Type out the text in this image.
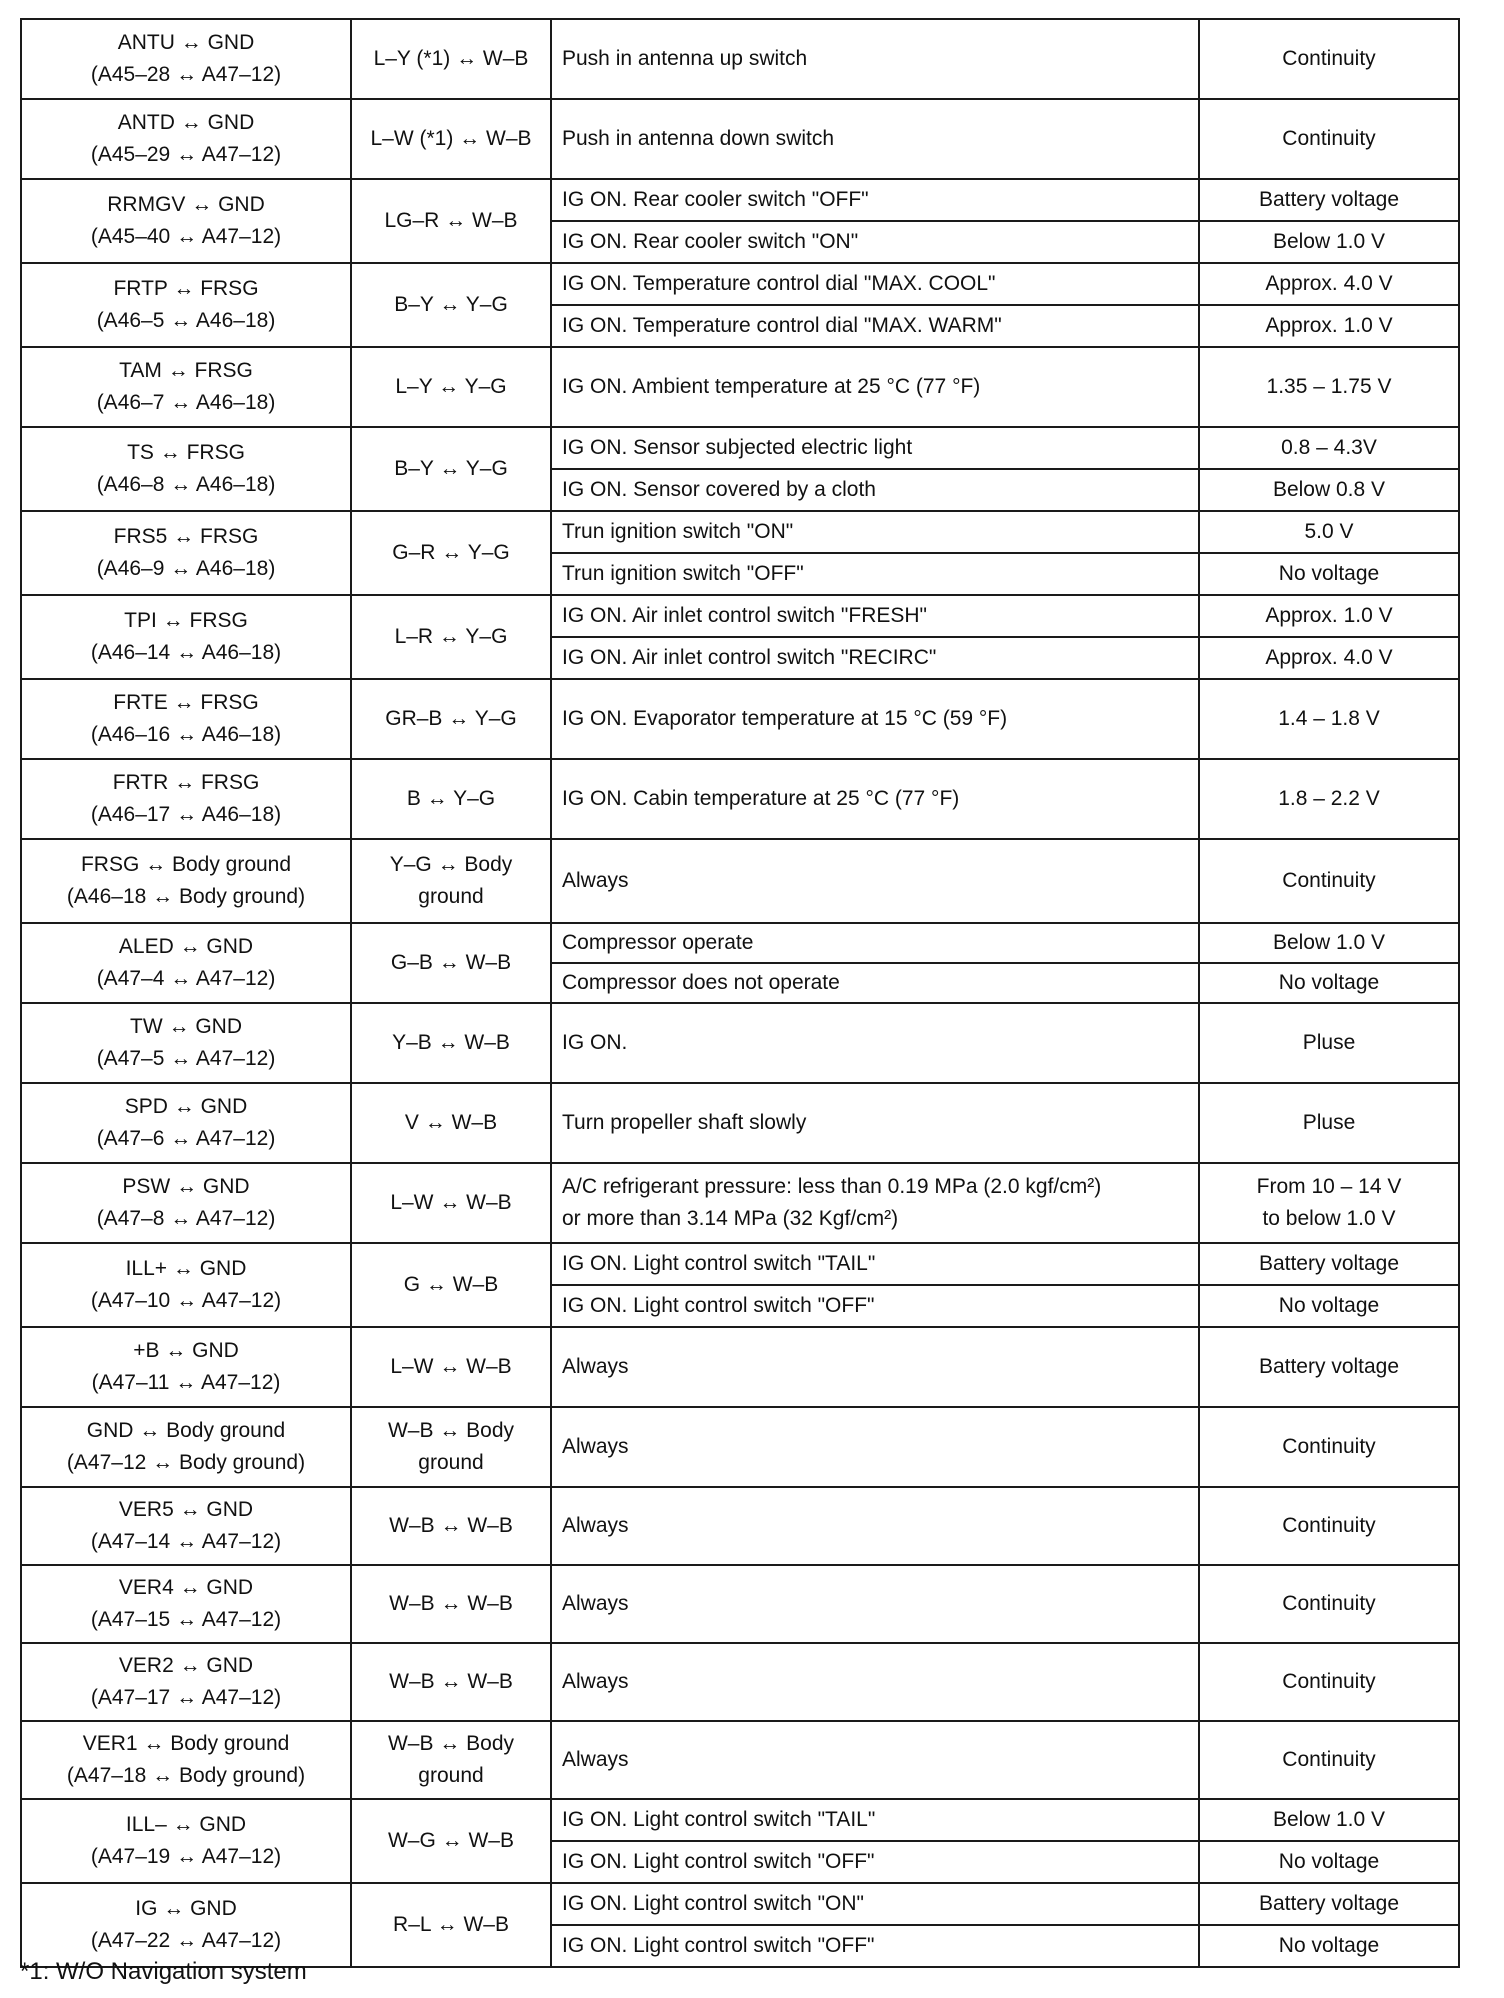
ANTU ↔ GND
(A45–28 ↔ A47–12)	L–Y (*1) ↔ W–B	Push in antenna up switch	Continuity

ANTD ↔ GND
(A45–29 ↔ A47–12)	L–W (*1) ↔ W–B	Push in antenna down switch	Continuity

RRMGV ↔ GND
(A45–40 ↔ A47–12)	LG–R ↔ W–B	IG ON. Rear cooler switch "OFF"	Battery voltage

		IG ON. Rear cooler switch "ON"	Below 1.0 V

FRTP ↔ FRSG
(A46–5 ↔ A46–18)	B–Y ↔ Y–G	IG ON. Temperature control dial "MAX. COOL"	Approx. 4.0 V

		IG ON. Temperature control dial "MAX. WARM"	Approx. 1.0 V

TAM ↔ FRSG
(A46–7 ↔ A46–18)	L–Y ↔ Y–G	IG ON. Ambient temperature at 25 °C (77 °F)	1.35 – 1.75 V

TS ↔ FRSG
(A46–8 ↔ A46–18)	B–Y ↔ Y–G	IG ON. Sensor subjected electric light	0.8 – 4.3V

		IG ON. Sensor covered by a cloth	Below 0.8 V

FRS5 ↔ FRSG
(A46–9 ↔ A46–18)	G–R ↔ Y–G	Trun ignition switch "ON"	5.0 V

		Trun ignition switch "OFF"	No voltage

TPI ↔ FRSG
(A46–14 ↔ A46–18)	L–R ↔ Y–G	IG ON. Air inlet control switch "FRESH"	Approx. 1.0 V

		IG ON. Air inlet control switch "RECIRC"	Approx. 4.0 V

FRTE ↔ FRSG
(A46–16 ↔ A46–18)	GR–B ↔ Y–G	IG ON. Evaporator temperature at 15 °C (59 °F)	1.4 – 1.8 V

FRTR ↔ FRSG
(A46–17 ↔ A46–18)	B ↔ Y–G	IG ON. Cabin temperature at 25 °C (77 °F)	1.8 – 2.2 V

FRSG ↔ Body ground
(A46–18 ↔ Body ground)	Y–G ↔ Body ground	Always	Continuity

ALED ↔ GND
(A47–4 ↔ A47–12)	G–B ↔ W–B	Compressor operate	Below 1.0 V

		Compressor does not operate	No voltage

TW ↔ GND
(A47–5 ↔ A47–12)	Y–B ↔ W–B	IG ON.	Pluse

SPD ↔ GND
(A47–6 ↔ A47–12)	V ↔ W–B	Turn propeller shaft slowly	Pluse

PSW ↔ GND
(A47–8 ↔ A47–12)	L–W ↔ W–B	A/C refrigerant pressure: less than 0.19 MPa (2.0 kgf/cm²)
or more than 3.14 MPa (32 Kgf/cm²)	From 10 – 14 V
to below 1.0 V

ILL+ ↔ GND
(A47–10 ↔ A47–12)	G ↔ W–B	IG ON. Light control switch "TAIL"	Battery voltage

		IG ON. Light control switch "OFF"	No voltage

+B ↔ GND
(A47–11 ↔ A47–12)	L–W ↔ W–B	Always	Battery voltage

GND ↔ Body ground
(A47–12 ↔ Body ground)	W–B ↔ Body ground	Always	Continuity

VER5 ↔ GND
(A47–14 ↔ A47–12)	W–B ↔ W–B	Always	Continuity

VER4 ↔ GND
(A47–15 ↔ A47–12)	W–B ↔ W–B	Always	Continuity

VER2 ↔ GND
(A47–17 ↔ A47–12)	W–B ↔ W–B	Always	Continuity

VER1 ↔ Body ground
(A47–18 ↔ Body ground)	W–B ↔ Body ground	Always	Continuity

ILL– ↔ GND
(A47–19 ↔ A47–12)	W–G ↔ W–B	IG ON. Light control switch "TAIL"	Below 1.0 V

		IG ON. Light control switch "OFF"	No voltage

IG ↔ GND
(A47–22 ↔ A47–12)	R–L ↔ W–B	IG ON. Light control switch "ON"	Battery voltage

		IG ON. Light control switch "OFF"	No voltage
*1: W/O Navigation system
